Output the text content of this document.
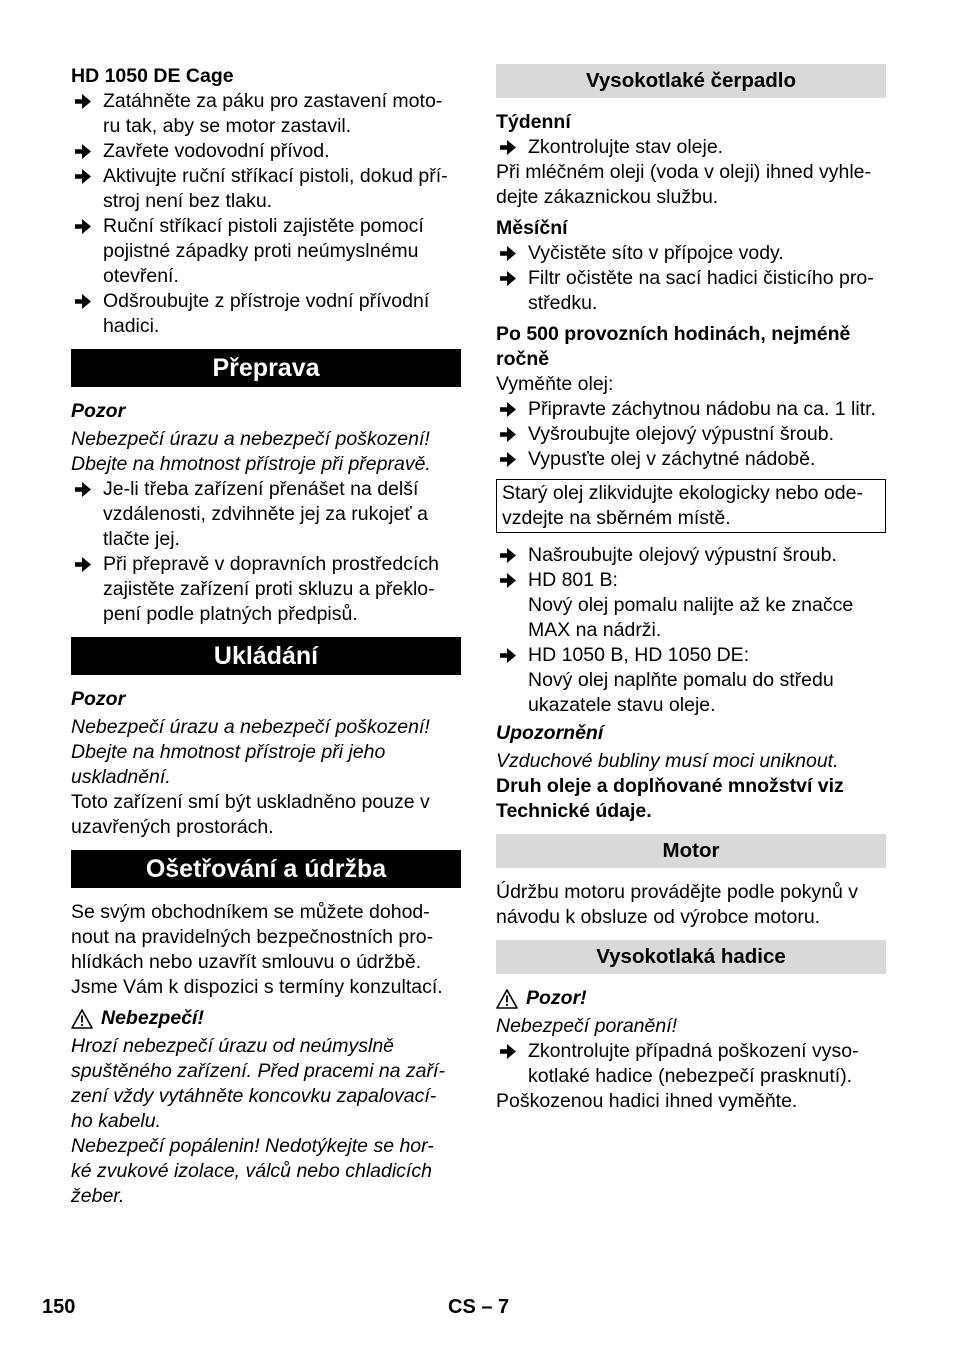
HD 1050 DE Cage

Zatáhněte za páku pro zastavení moto-
ru tak, aby se motor zastavil.
Zavřete vodovodní přívod.
Aktivujte ruční stříkací pistoli, dokud pří-
stroj není bez tlaku.
Ruční stříkací pistoli zajistěte pomocí
pojistné západky proti neúmyslnému
otevření.
Odšroubujte z přístroje vodní přívodní
hadici.
Přeprava

Pozor

Nebezpečí úrazu a nebezpečí poškození!
Dbejte na hmotnost přístroje při přepravě.
Je-li třeba zařízení přenášet na delší
vzdálenosti, zdvihněte jej za rukojeť a
tlačte jej.
Při přepravě v dopravních prostředcích
zajistěte zařízení proti skluzu a překlo-
pení podle platných předpisů.
Ukládání

Pozor

Nebezpečí úrazu a nebezpečí poškození!
Dbejte na hmotnost přístroje při jeho
uskladnění.
Toto zařízení smí být uskladněno pouze v
uzavřených prostorách.
Ošetřování a údržba
Se svým obchodníkem se můžete dohod-
nout na pravidelných bezpečnostních pro-
hlídkách nebo uzavřít smlouvu o údržbě.
Jsme Vám k dispozici s termíny konzultací.
Nebezpečí!
Hrozí nebezpečí úrazu od neúmyslně
spuštěného zařízení. Před pracemi na zaří-
zení vždy vytáhněte koncovku zapalovací-
ho kabelu.
Nebezpečí popálenin! Nedotýkejte se hor-
ké zvukové izolace, válců nebo chladicích
žeber.
Vysokotlaké čerpadlo

Týdenní

Zkontrolujte stav oleje.
Při mléčném oleji (voda v oleji) ihned vyhle-
dejte zákaznickou službu.

Měsíční

Vyčistěte síto v přípojce vody.
Filtr očistěte na sací hadici čisticího pro-
středku.
Po 500 provozních hodinách, nejméně
ročně

Vyměňte olej:

Připravte záchytnou nádobu na ca. 1 litr.
Vyšroubujte olejový výpustní šroub.
Vypusťte olej v záchytné nádobě.
Starý olej zlikvidujte ekologicky nebo ode-
vzdejte na sběrném místě.
Našroubujte olejový výpustní šroub.
HD 801 B:
Nový olej pomalu nalijte až ke značce
MAX na nádrži.
HD 1050 B, HD 1050 DE:
Nový olej naplňte pomalu do středu
ukazatele stavu oleje.

Upozornění

Vzduchové bubliny musí moci uniknout.

Druh oleje a doplňované množství viz
Technické údaje.
Motor
Údržbu motoru provádějte podle pokynů v
návodu k obsluze od výrobce motoru.
Vysokotlaká hadice
Pozor!

Nebezpečí poranění!

Zkontrolujte případná poškození vyso-
kotlaké hadice (nebezpečí prasknutí).

Poškozenou hadici ihned vyměňte.

150	CS – 7
